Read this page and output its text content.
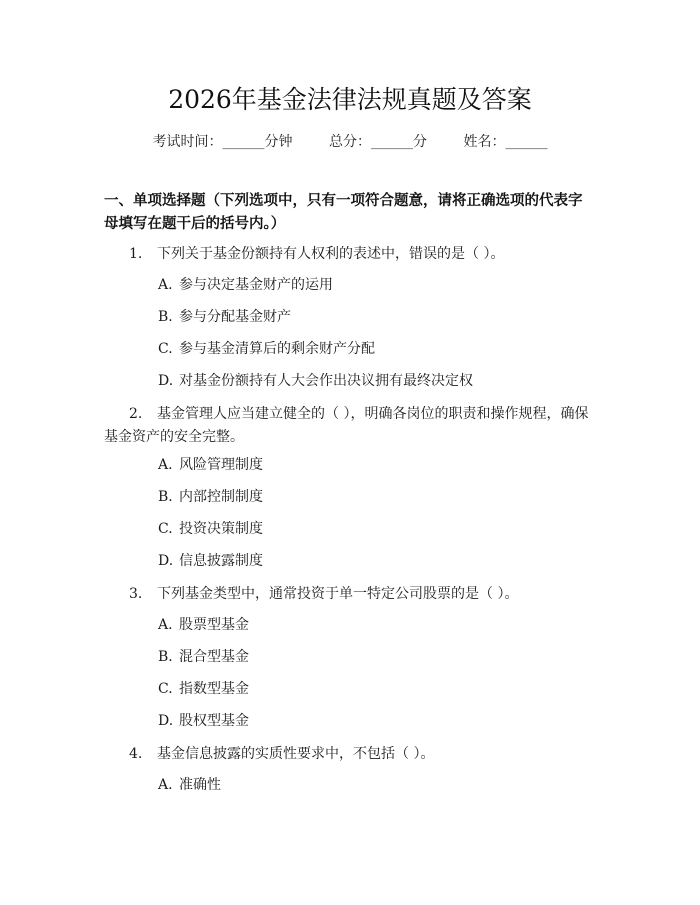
2026年基金法律法规真题及答案
考试时间：______分钟	总分：______分	姓名：______
一、单项选择题（下列选项中，只有一项符合题意，请将正确选项的代表字母填写在题干后的括号内。）
1. 下列关于基金份额持有人权利的表述中，错误的是（ ）。
A. 参与决定基金财产的运用
B. 参与分配基金财产
C. 参与基金清算后的剩余财产分配
D. 对基金份额持有人大会作出决议拥有最终决定权
2. 基金管理人应当建立健全的（ ），明确各岗位的职责和操作规程，确保基金资产的安全完整。
A. 风险管理制度
B. 内部控制制度
C. 投资决策制度
D. 信息披露制度
3. 下列基金类型中，通常投资于单一特定公司股票的是（ ）。
A. 股票型基金
B. 混合型基金
C. 指数型基金
D. 股权型基金
4. 基金信息披露的实质性要求中，不包括（ ）。
A. 准确性
